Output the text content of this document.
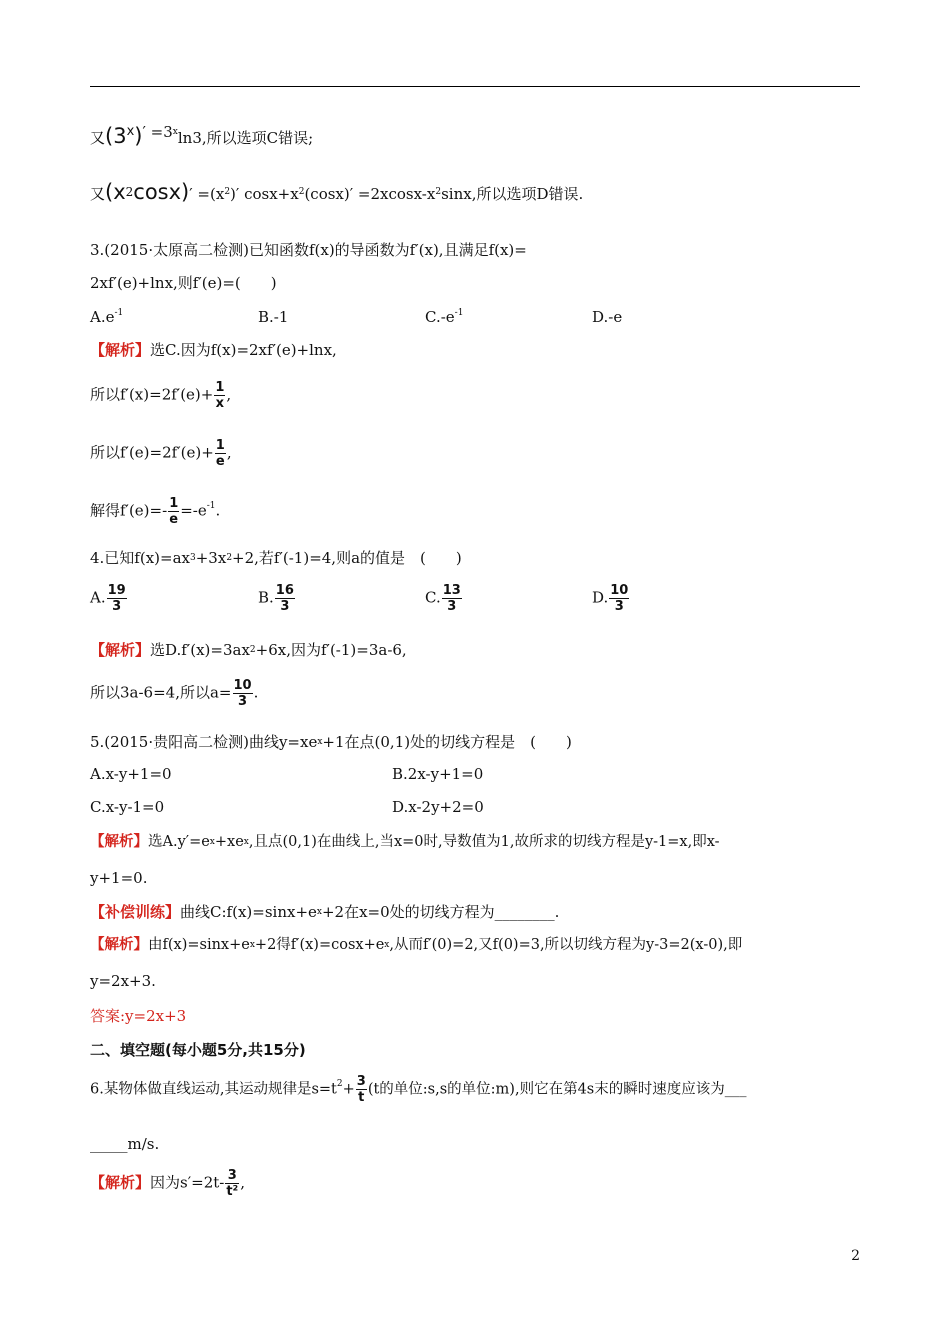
又$(3^x)' =3^x\ln 3$,所以选项C错误;
又$(x^2\cos x)' =(x^2)'$ $\cos x+x^2(\cos x)' =2xcosx-x^2\sin x$,所以选项D错误.
3.(2015·太原高二检测)已知函数f(x)的导函数为f′(x),且满足f(x)=
2xf′(e)+lnx,则f′(e)=(　　)
$A.e^{-1}$	B.-1	$C.-e^{-1}$	D.-e
【解析】选C.因为f(x)=2xf′(e)+lnx,
所以$f'(x)=2f'(e)+ \frac{1}{x}$ ,
所以$f'(e)=2f'(e)+ \frac{1}{e}$ ,
解得$f'(e)=- \frac{1}{e} =-e^{-1}$.
4.已知$f(x)=ax^3+3x^2+2$,若f′(-1)=4,则a的值是　(　　)
A. $\frac{19}{3}$	B. $\frac{16}{3}$	C. $\frac{13}{3}$	D. $\frac{10}{3}$
【解析】选$D.f'(x)=3ax^2+6x$,因为f′(-1)=3a-6,
所以3a-6=4,所以$a= \frac{10}{3}$ .
5.(2015·贵阳高二检测)曲线$y=xe^x+1$在点(0,1)处的切线方程是　(　　)
A.x-y+1=0	B.2x-y+1=0
C.x-y-1=0	D.x-2y+2=0
【解析】选$A.y'=e^x+xe^x$,且点(0,1)在曲线上,当x=0时,导数值为1,故所求的切线方程是y-1=x,即x-
y+1=0.
【补偿训练】曲线$C:f(x)=\sin x+e^x+2$在x=0处的切线方程为________.
【解析】由$f(x)=\sin x+e^x+2$得$f'(x)=\cos x+e^x$,从而f′(0)=2,又f(0)=3,所以切线方程为y-3=2(x-0),即
y=2x+3.
答案:y=2x+3
二、填空题(每小题5分,共15分)
6.某物体做直线运动,其运动规律是$s=t^2+ \frac{3}{t} (t$的单位:s,s的单位:m),则它在第4s末的瞬时速度应该为___
_____m/s.
【解析】因为$s'=2t- \frac{3}{\text{t²}}$ ,
2
